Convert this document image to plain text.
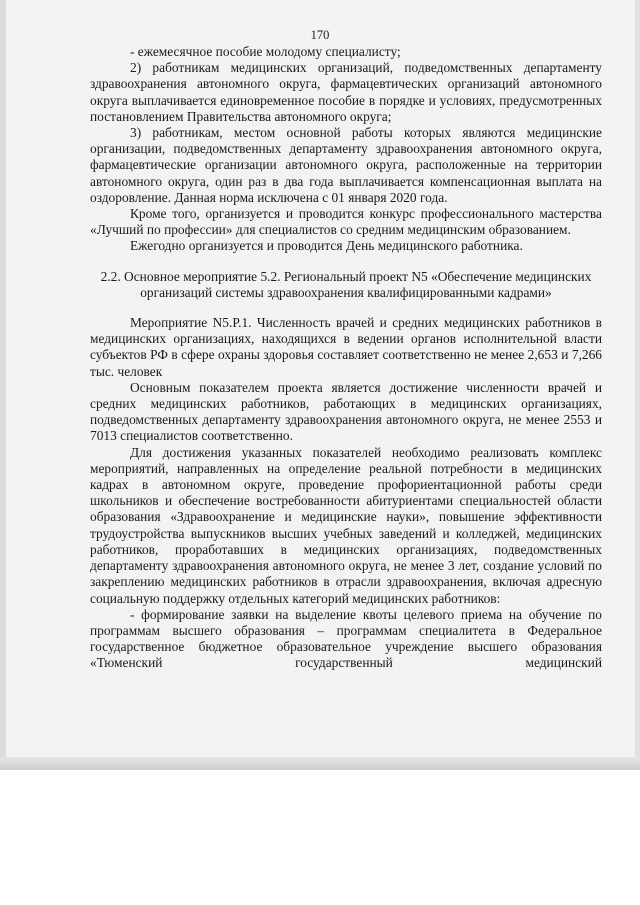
170

- ежемесячное пособие молодому специалисту;

2) работникам медицинских организаций, подведомственных департаменту здравоохранения автономного округа, фармацевтических организаций автономного округа выплачивается единовременное пособие в порядке и условиях, предусмотренных постановлением Правительства автономного округа;

3) работникам, местом основной работы которых являются медицинские организации, подведомственных департаменту здравоохранения автономного округа, фармацевтические организации автономного округа, расположенные на территории автономного округа, один раз в два года выплачивается компенсационная выплата на оздоровление. Данная норма исключена с 01 января 2020 года.

Кроме того, организуется и проводится конкурс профессионального мастерства «Лучший по профессии» для специалистов со средним медицинским образованием.

Ежегодно организуется и проводится День медицинского работника.

2.2. Основное мероприятие 5.2. Региональный проект N5 «Обеспечение медицинских организаций системы здравоохранения квалифицированными кадрами»

Мероприятие N5.Р.1. Численность врачей и средних медицинских работников в медицинских организациях, находящихся в ведении органов исполнительной власти субъектов РФ в сфере охраны здоровья составляет соответственно не менее 2,653 и 7,266 тыс. человек

Основным показателем проекта является достижение численности врачей и средних медицинских работников, работающих в медицинских организациях, подведомственных департаменту здравоохранения автономного округа, не менее 2553 и 7013 специалистов соответственно.

Для достижения указанных показателей необходимо реализовать комплекс мероприятий, направленных на определение реальной потребности в медицинских кадрах в автономном округе, проведение профориентационной работы среди школьников и обеспечение востребованности абитуриентами специальностей области образования «Здравоохранение и медицинские науки», повышение эффективности трудоустройства выпускников высших учебных заведений и колледжей, медицинских работников, проработавших в медицинских организациях, подведомственных департаменту здравоохранения автономного округа, не менее 3 лет, создание условий по закреплению медицинских работников в отрасли здравоохранения, включая адресную социальную поддержку отдельных категорий медицинских работников:

- формирование заявки на выделение квоты целевого приема на обучение по программам высшего образования – программам специалитета в Федеральное государственное бюджетное образовательное учреждение высшего образования «Тюменский государственный медицинский
